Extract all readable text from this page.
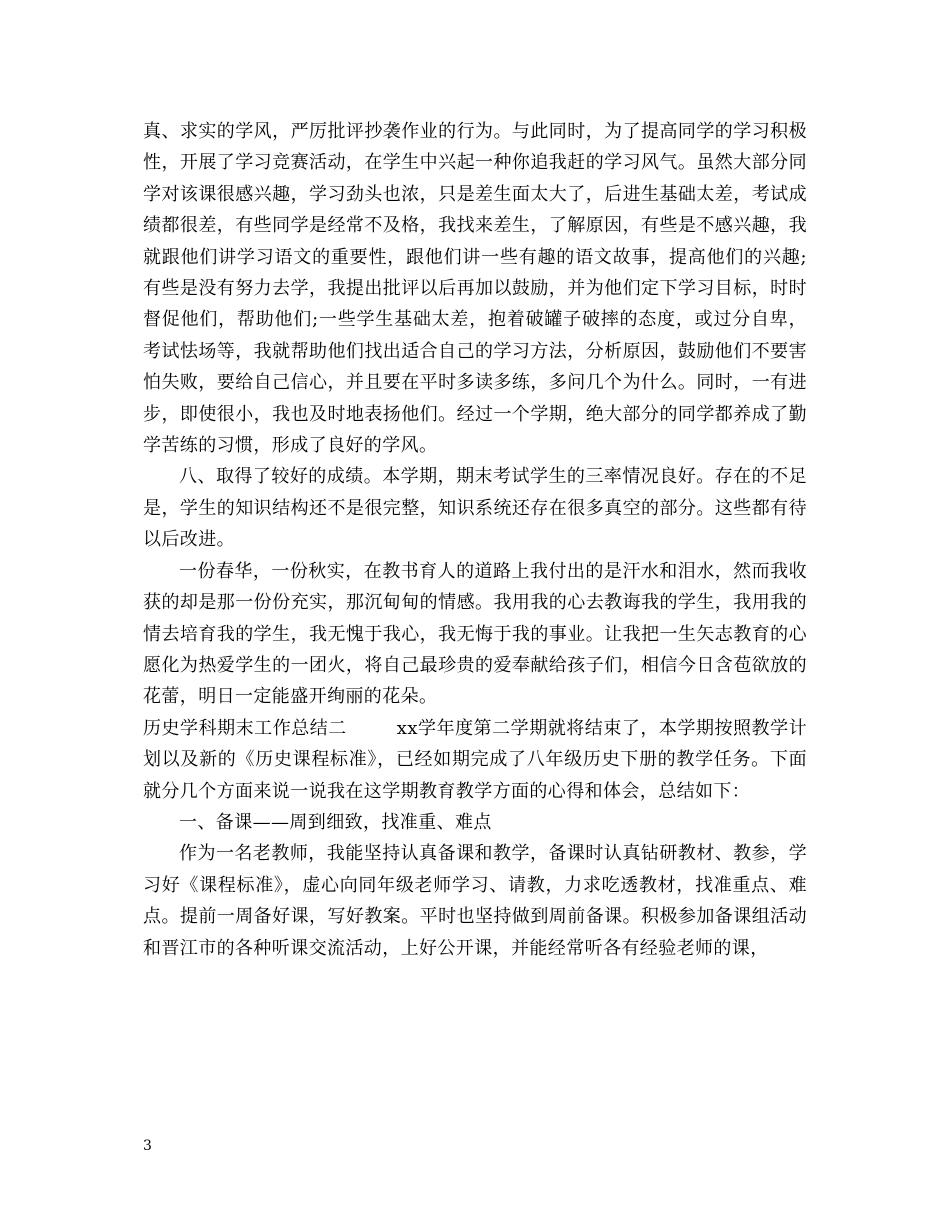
真、求实的学风，严厉批评抄袭作业的行为。与此同时，为了提高同学的学习积极性，开展了学习竞赛活动，在学生中兴起一种你追我赶的学习风气。虽然大部分同学对该课很感兴趣，学习劲头也浓，只是差生面太大了，后进生基础太差，考试成绩都很差，有些同学是经常不及格，我找来差生，了解原因，有些是不感兴趣，我就跟他们讲学习语文的重要性，跟他们讲一些有趣的语文故事，提高他们的兴趣;有些是没有努力去学，我提出批评以后再加以鼓励，并为他们定下学习目标，时时督促他们，帮助他们;一些学生基础太差，抱着破罐子破摔的态度，或过分自卑，考试怯场等，我就帮助他们找出适合自己的学习方法，分析原因，鼓励他们不要害怕失败，要给自己信心，并且要在平时多读多练，多问几个为什么。同时，一有进步，即使很小，我也及时地表扬他们。经过一个学期，绝大部分的同学都养成了勤学苦练的习惯，形成了良好的学风。

八、取得了较好的成绩。本学期，期末考试学生的三率情况良好。存在的不足是，学生的知识结构还不是很完整，知识系统还存在很多真空的部分。这些都有待以后改进。

一份春华，一份秋实，在教书育人的道路上我付出的是汗水和泪水，然而我收获的却是那一份份充实，那沉甸甸的情感。我用我的心去教诲我的学生，我用我的情去培育我的学生，我无愧于我心，我无悔于我的事业。让我把一生矢志教育的心愿化为热爱学生的一团火，将自己最珍贵的爱奉献给孩子们，相信今日含苞欲放的花蕾，明日一定能盛开绚丽的花朵。

历史学科期末工作总结二        xx学年度第二学期就将结束了，本学期按照教学计划以及新的《历史课程标准》，已经如期完成了八年级历史下册的教学任务。下面就分几个方面来说一说我在这学期教育教学方面的心得和体会，总结如下：

一、备课——周到细致，找准重、难点

作为一名老教师，我能坚持认真备课和教学，备课时认真钻研教材、教参，学习好《课程标准》，虚心向同年级老师学习、请教，力求吃透教材，找准重点、难点。提前一周备好课，写好教案。平时也坚持做到周前备课。积极参加备课组活动和晋江市的各种听课交流活动，上好公开课，并能经常听各有经验老师的课，

3
